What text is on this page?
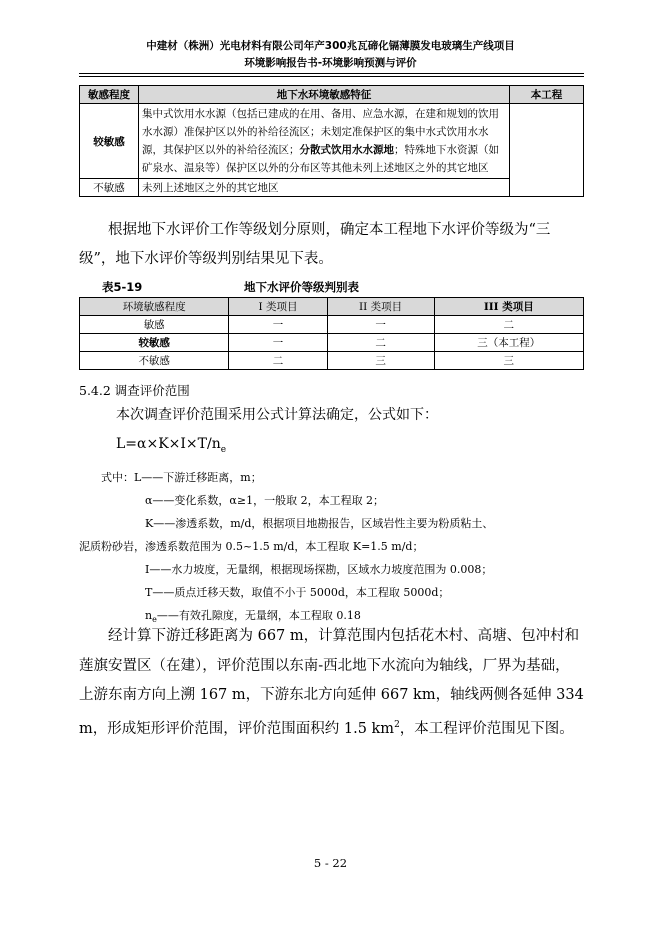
中建材（株洲）光电材料有限公司年产300兆瓦碲化镉薄膜发电玻璃生产线项目
环境影响报告书-环境影响预测与评价
敏感程度	地下水环境敏感特征	本工程
较敏感	集中式饮用水水源（包括已建成的在用、备用、应急水源，在建和规划的饮用水水源）准保护区以外的补给径流区；未划定准保护区的集中水式饮用水水源，其保护区以外的补给径流区；分散式饮用水水源地；特殊地下水资源（如矿泉水、温泉等）保护区以外的分布区等其他未列上述地区之外的其它地区	
不敏感	未列上述地区之外的其它地区	
根据地下水评价工作等级划分原则，确定本工程地下水评价等级为“三级”，地下水评价等级判别结果见下表。
表5-19	地下水评价等级判别表
环境敏感程度	I 类项目	II 类项目	III 类项目
敏感	一	一	二
较敏感	一	二	三（本工程）
不敏感	二	三	三
5.4.2 调查评价范围
本次调查评价范围采用公式计算法确定，公式如下：
$L=\alpha\times K\times I\times T/n_e$
式中：L——下游迁移距离，m；
α——变化系数，α≥1，一般取 2，本工程取 2；
K——渗透系数，m/d，根据项目地勘报告，区域岩性主要为粉质粘土、
泥质粉砂岩，渗透系数范围为 0.5~1.5 m/d，本工程取 K=1.5 m/d；
I——水力坡度，无量纲，根据现场探勘，区域水力坡度范围为 0.008；
T——质点迁移天数，取值不小于 5000d，本工程取 5000d；
$n_e——$有效孔隙度，无量纲，本工程取 0.18
经计算下游迁移距离为 667 m，计算范围内包括花木村、高塘、包冲村和莲旗安置区（在建），评价范围以东南-西北地下水流向为轴线，厂界为基础，上游东南方向上溯 167 m，下游东北方向延伸 667 km，轴线两侧各延伸 334 m，形成矩形评价范围，评价范围面积约 1.5 $km^2$，本工程评价范围见下图。
5 - 22
